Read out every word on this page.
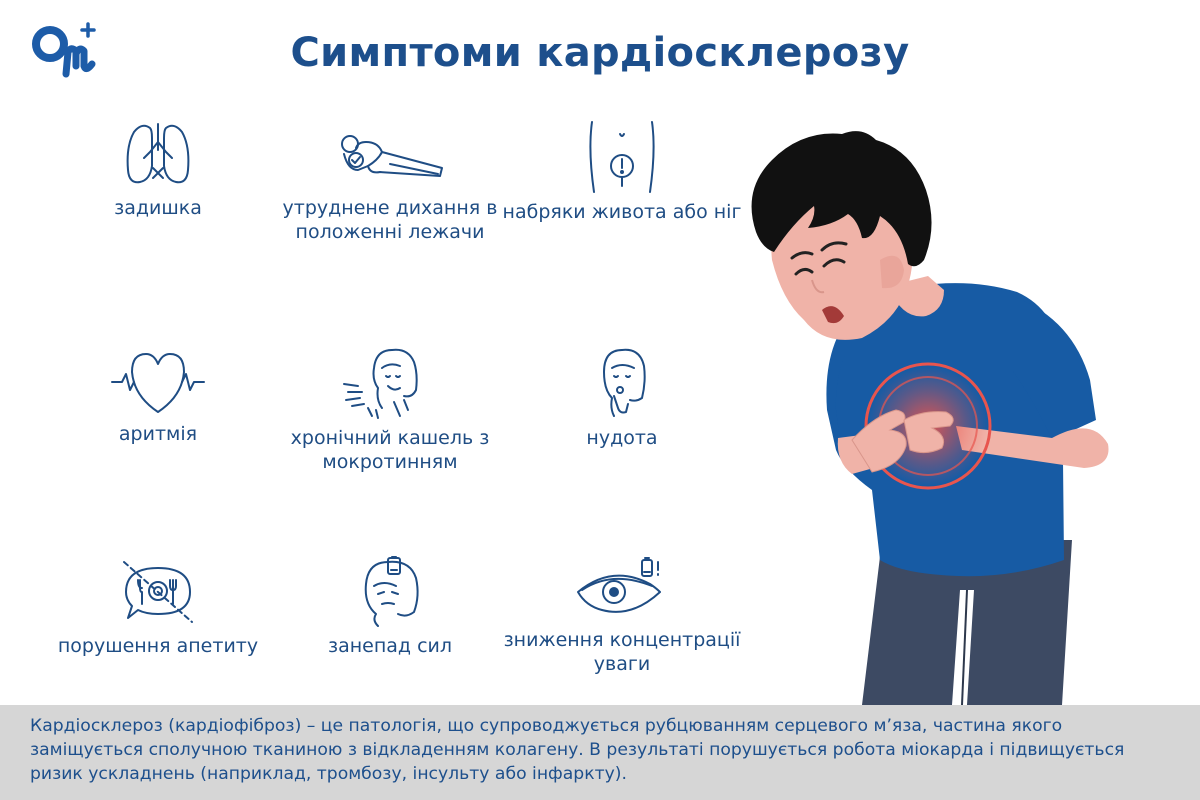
Симптоми кардіосклерозу
задишка	утруднене дихання в положенні лежачи
набряки живота або ніг
аритмія	хронічний кашель з мокротинням
нудота
порушення апетиту	занепад сил	зниження концентрації уваги

Кардіосклероз (кардіофіброз) – це патологія, що супроводжується рубцюванням серцевого м’яза, частина якого заміщується сполучною тканиною з відкладенням колагену. В результаті порушується робота міокарда і підвищується ризик ускладнень (наприклад, тромбозу, інсульту або інфаркту).
